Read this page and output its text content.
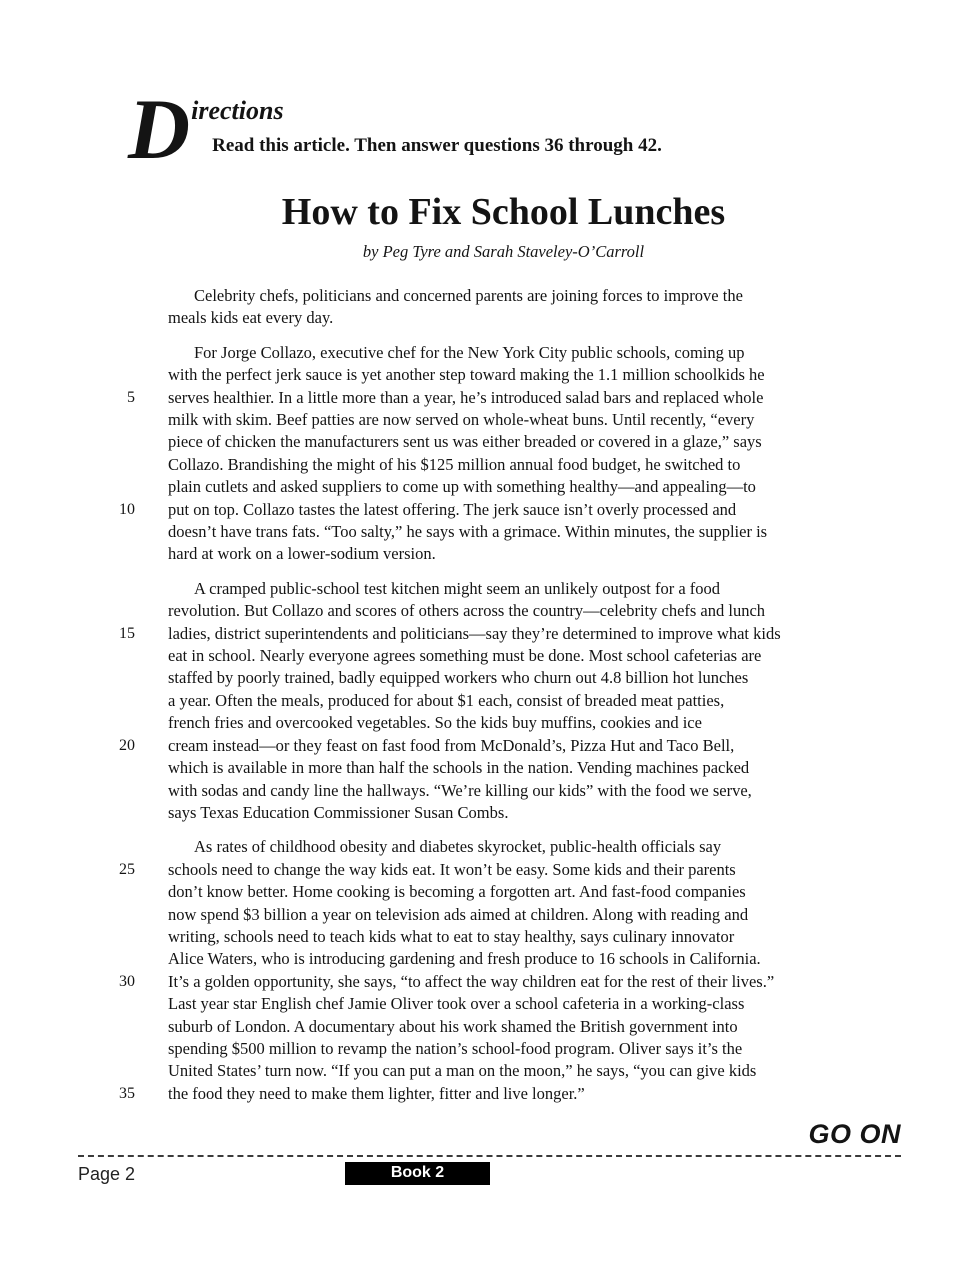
D irections
Read this article. Then answer questions 36 through 42.
How to Fix School Lunches
by Peg Tyre and Sarah Staveley-O’Carroll
Celebrity chefs, politicians and concerned parents are joining forces to improve the
meals kids eat every day.
For Jorge Collazo, executive chef for the New York City public schools, coming up
with the perfect jerk sauce is yet another step toward making the 1.1 million schoolkids he
5 serves healthier. In a little more than a year, he’s introduced salad bars and replaced whole
milk with skim. Beef patties are now served on whole-wheat buns. Until recently, “every
piece of chicken the manufacturers sent us was either breaded or covered in a glaze,” says
Collazo. Brandishing the might of his $125 million annual food budget, he switched to
plain cutlets and asked suppliers to come up with something healthy—and appealing—to
10 put on top. Collazo tastes the latest offering. The jerk sauce isn’t overly processed and
doesn’t have trans fats. “Too salty,” he says with a grimace. Within minutes, the supplier is
hard at work on a lower-sodium version.
A cramped public-school test kitchen might seem an unlikely outpost for a food
revolution. But Collazo and scores of others across the country—celebrity chefs and lunch
15 ladies, district superintendents and politicians—say they’re determined to improve what kids
eat in school. Nearly everyone agrees something must be done. Most school cafeterias are
staffed by poorly trained, badly equipped workers who churn out 4.8 billion hot lunches
a year. Often the meals, produced for about $1 each, consist of breaded meat patties,
french fries and overcooked vegetables. So the kids buy muffins, cookies and ice
20 cream instead—or they feast on fast food from McDonald’s, Pizza Hut and Taco Bell,
which is available in more than half the schools in the nation. Vending machines packed
with sodas and candy line the hallways. “We’re killing our kids” with the food we serve,
says Texas Education Commissioner Susan Combs.
As rates of childhood obesity and diabetes skyrocket, public-health officials say
25 schools need to change the way kids eat. It won’t be easy. Some kids and their parents
don’t know better. Home cooking is becoming a forgotten art. And fast-food companies
now spend $3 billion a year on television ads aimed at children. Along with reading and
writing, schools need to teach kids what to eat to stay healthy, says culinary innovator
Alice Waters, who is introducing gardening and fresh produce to 16 schools in California.
30 It’s a golden opportunity, she says, “to affect the way children eat for the rest of their lives.”
Last year star English chef Jamie Oliver took over a school cafeteria in a working-class
suburb of London. A documentary about his work shamed the British government into
spending $500 million to revamp the nation’s school-food program. Oliver says it’s the
United States’ turn now. “If you can put a man on the moon,” he says, “you can give kids
35 the food they need to make them lighter, fitter and live longer.”
GO ON
Page 2	Book 2
